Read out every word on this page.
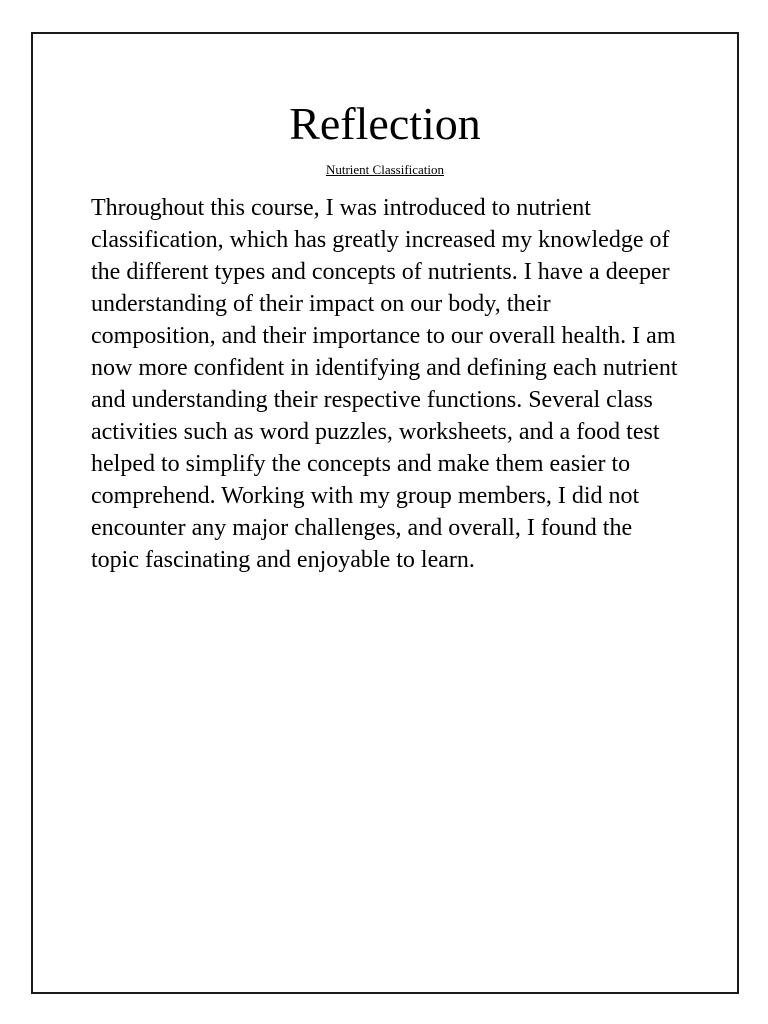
Reflection

Nutrient Classification

Throughout this course, I was introduced to nutrient classification, which has greatly increased my knowledge of the different types and concepts of nutrients. I have a deeper understanding of their impact on our body, their composition, and their importance to our overall health. I am now more confident in identifying and defining each nutrient and understanding their respective functions. Several class activities such as word puzzles, worksheets, and a food test helped to simplify the concepts and make them easier to comprehend. Working with my group members, I did not encounter any major challenges, and overall, I found the topic fascinating and enjoyable to learn.
